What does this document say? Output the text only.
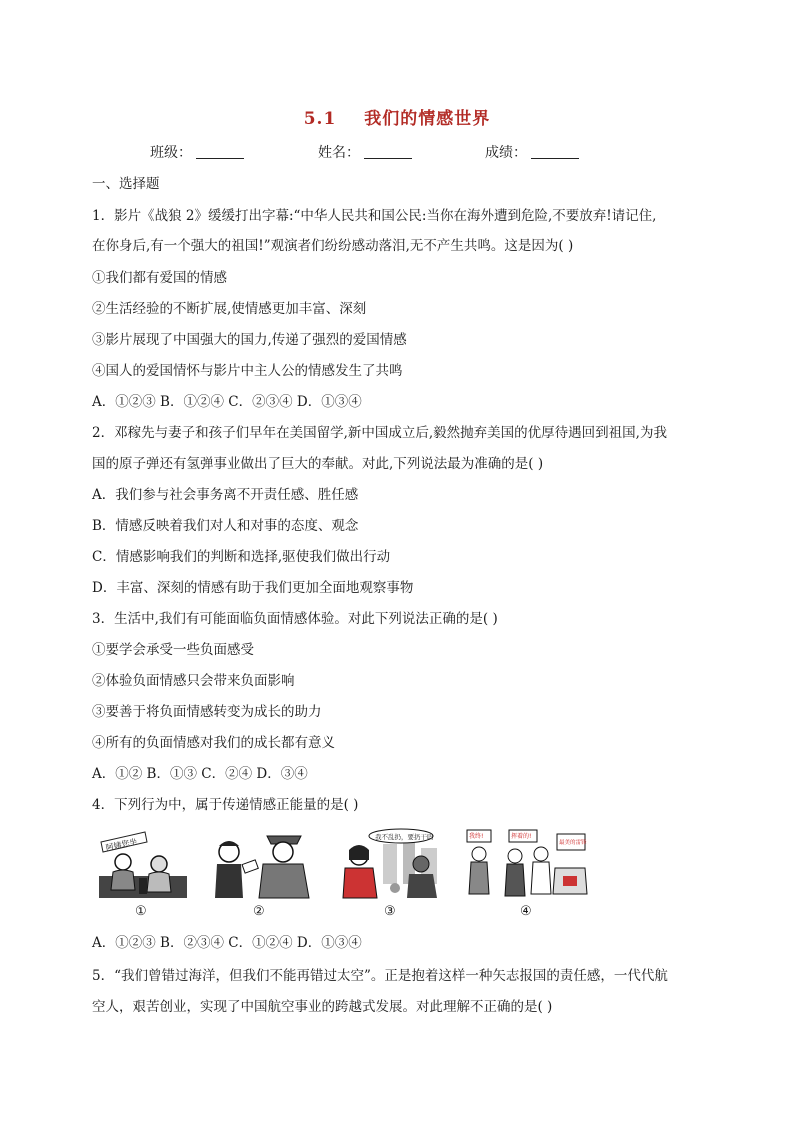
5.1 我们的情感世界
班级：	姓名：	成绩：
一、选择题
1．影片《战狼 2》缓缓打出字幕:“中华人民共和国公民:当你在海外遭到危险,不要放弃!请记住,
在你身后,有一个强大的祖国!”观演者们纷纷感动落泪,无不产生共鸣。这是因为( )
①我们都有爱国的情感
②生活经验的不断扩展,使情感更加丰富、深刻
③影片展现了中国强大的国力,传递了强烈的爱国情感
④国人的爱国情怀与影片中主人公的情感发生了共鸣
A．①②③ B．①②④ C．②③④ D．①③④
2．邓稼先与妻子和孩子们早年在美国留学,新中国成立后,毅然抛弃美国的优厚待遇回到祖国,为我
国的原子弹还有氢弹事业做出了巨大的奉献。对此,下列说法最为准确的是( )
A．我们参与社会事务离不开责任感、胜任感
B．情感反映着我们对人和对事的态度、观念
C．情感影响我们的判断和选择,驱使我们做出行动
D．丰富、深刻的情感有助于我们更加全面地观察事物
3．生活中,我们有可能面临负面情感体验。对此下列说法正确的是( )
①要学会承受一些负面感受
②体验负面情感只会带来负面影响
③要善于将负面情感转变为成长的助力
④所有的负面情感对我们的成长都有意义
A．①② B．①③ C．②④ D．③④
4．下列行为中，属于传递情感正能量的是( )
阿姨您坐
①	②
我不乱扔，要扔干吗
③
我终!	挥着的!
最美的雷锋
④
A．①②③ B．②③④ C．①②④ D．①③④
5．“我们曾错过海洋，但我们不能再错过太空”。正是抱着这样一种矢志报国的责任感，一代代航
空人，艰苦创业，实现了中国航空事业的跨越式发展。对此理解不正确的是( )
